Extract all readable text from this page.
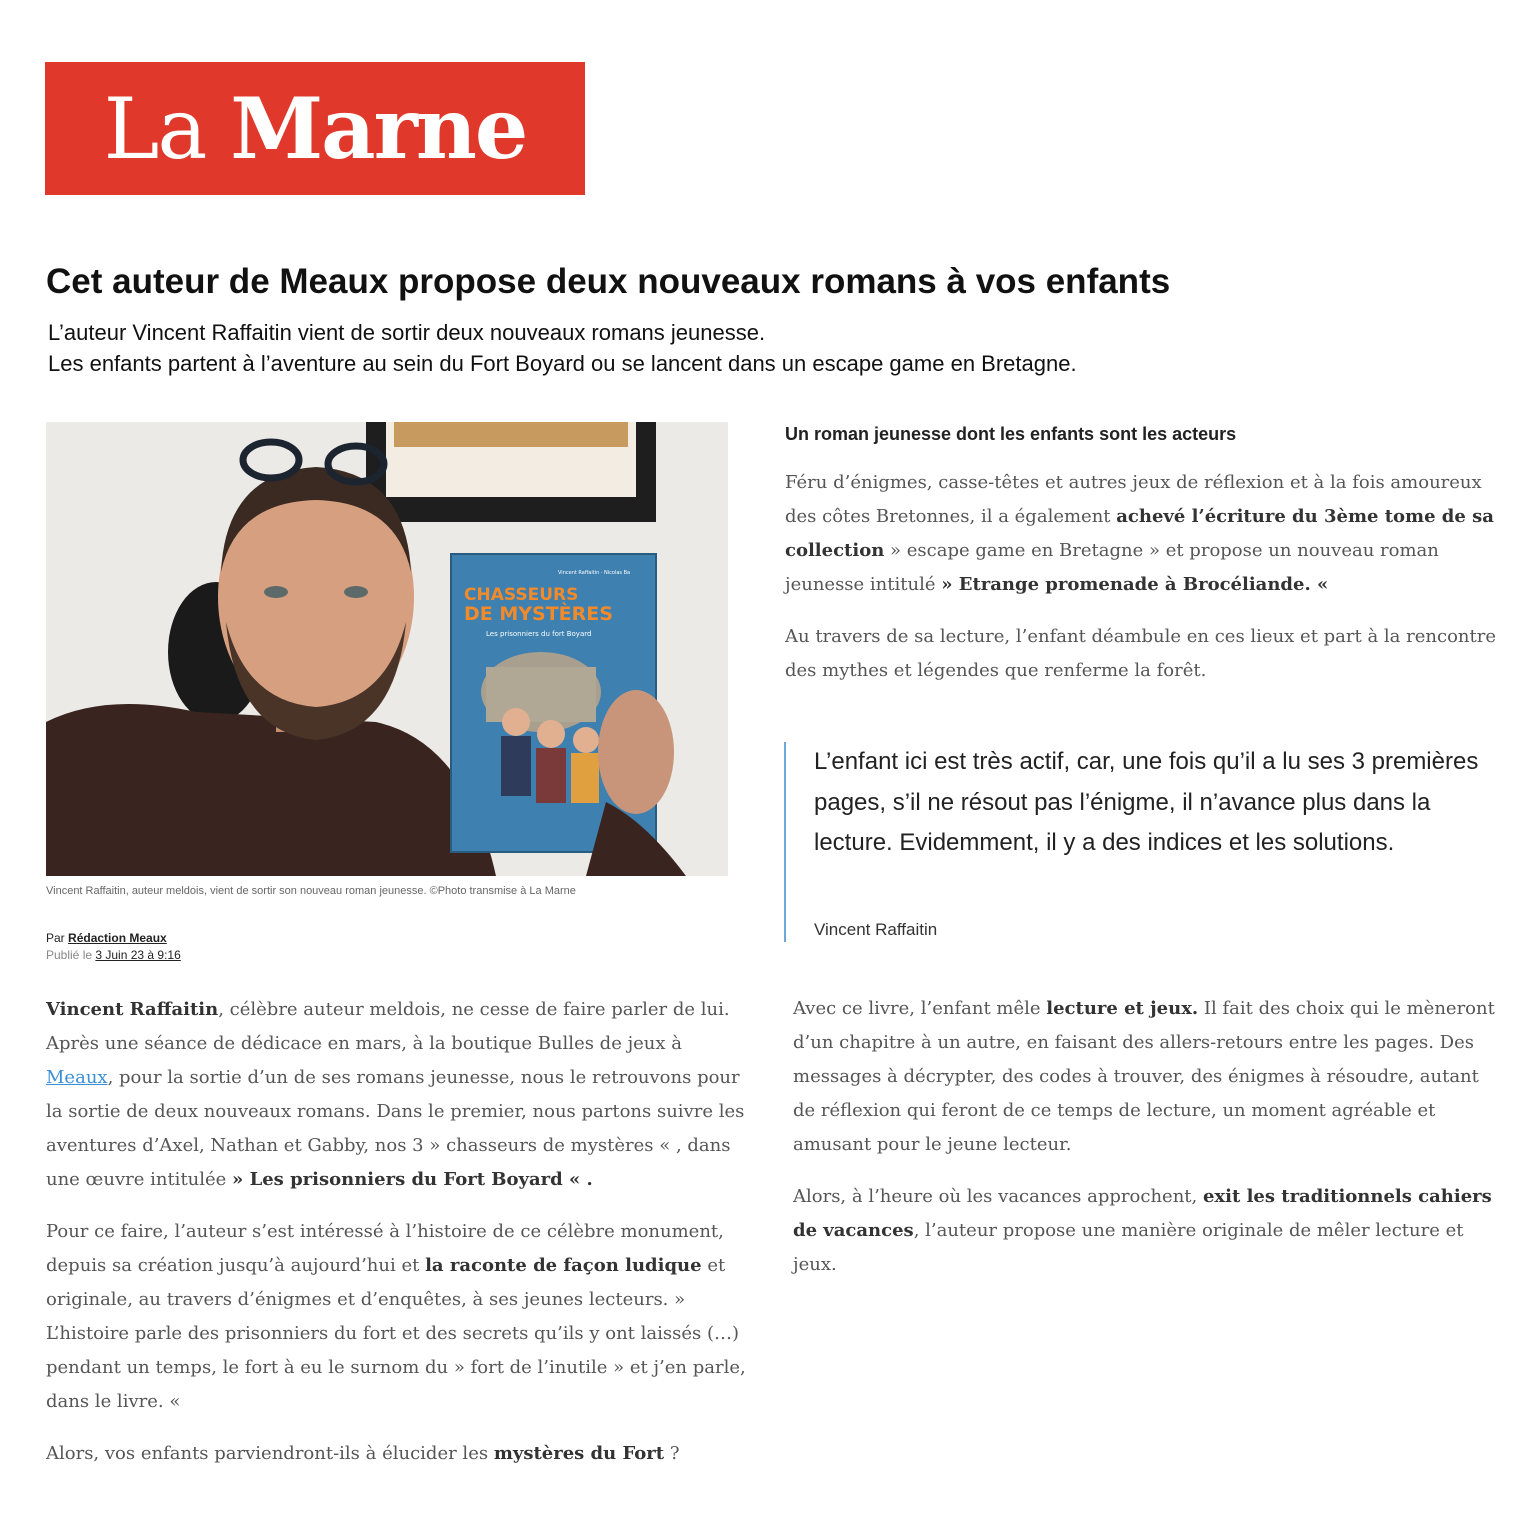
La Marne
Cet auteur de Meaux propose deux nouveaux romans à vos enfants
L’auteur Vincent Raffaitin vient de sortir deux nouveaux romans jeunesse.
Les enfants partent à l’aventure au sein du Fort Boyard ou se lancent dans un escape game en Bretagne.
CHASSEURS
DE MYSTÈRES
Les prisonniers du fort Boyard
Vincent Raffaitin · Nicolas Ba
Vincent Raffaitin, auteur meldois, vient de sortir son nouveau roman jeunesse. ©Photo transmise à La Marne
Par Rédaction Meaux
Publié le 3 Juin 23 à 9:16

Vincent Raffaitin, célèbre auteur meldois, ne cesse de faire parler de lui. Après une séance de dédicace en mars, à la boutique Bulles de jeux à Meaux, pour la sortie d’un de ses romans jeunesse, nous le retrouvons pour la sortie de deux nouveaux romans. Dans le premier, nous partons suivre les aventures d’Axel, Nathan et Gabby, nos 3 » chasseurs de mystères « , dans une œuvre intitulée » Les prisonniers du Fort Boyard « .

Pour ce faire, l’auteur s’est intéressé à l’histoire de ce célèbre monument, depuis sa création jusqu’à aujourd’hui et la raconte de façon ludique et originale, au travers d’énigmes et d’enquêtes, à ses jeunes lecteurs. » L’histoire parle des prisonniers du fort et des secrets qu’ils y ont laissés (…) pendant un temps, le fort à eu le surnom du » fort de l’inutile » et j’en parle, dans le livre. «

Alors, vos enfants parviendront-ils à élucider les mystères du Fort ?

Un roman jeunesse dont les enfants sont les acteurs

Féru d’énigmes, casse-têtes et autres jeux de réflexion et à la fois amoureux des côtes Bretonnes, il a également achevé l’écriture du 3ème tome de sa collection » escape game en Bretagne » et propose un nouveau roman jeunesse intitulé » Etrange promenade à Brocéliande. «

Au travers de sa lecture, l’enfant déambule en ces lieux et part à la rencontre des mythes et légendes que renferme la forêt.

L’enfant ici est très actif, car, une fois qu’il a lu ses 3 premières pages, s’il ne résout pas l’énigme, il n’avance plus dans la lecture. Evidemment, il y a des indices et les solutions.
Vincent Raffaitin

Avec ce livre, l’enfant mêle lecture et jeux. Il fait des choix qui le mèneront d’un chapitre à un autre, en faisant des allers-retours entre les pages. Des messages à décrypter, des codes à trouver, des énigmes à résoudre, autant de réflexion qui feront de ce temps de lecture, un moment agréable et amusant pour le jeune lecteur.

Alors, à l’heure où les vacances approchent, exit les traditionnels cahiers de vacances, l’auteur propose une manière originale de mêler lecture et jeux.
